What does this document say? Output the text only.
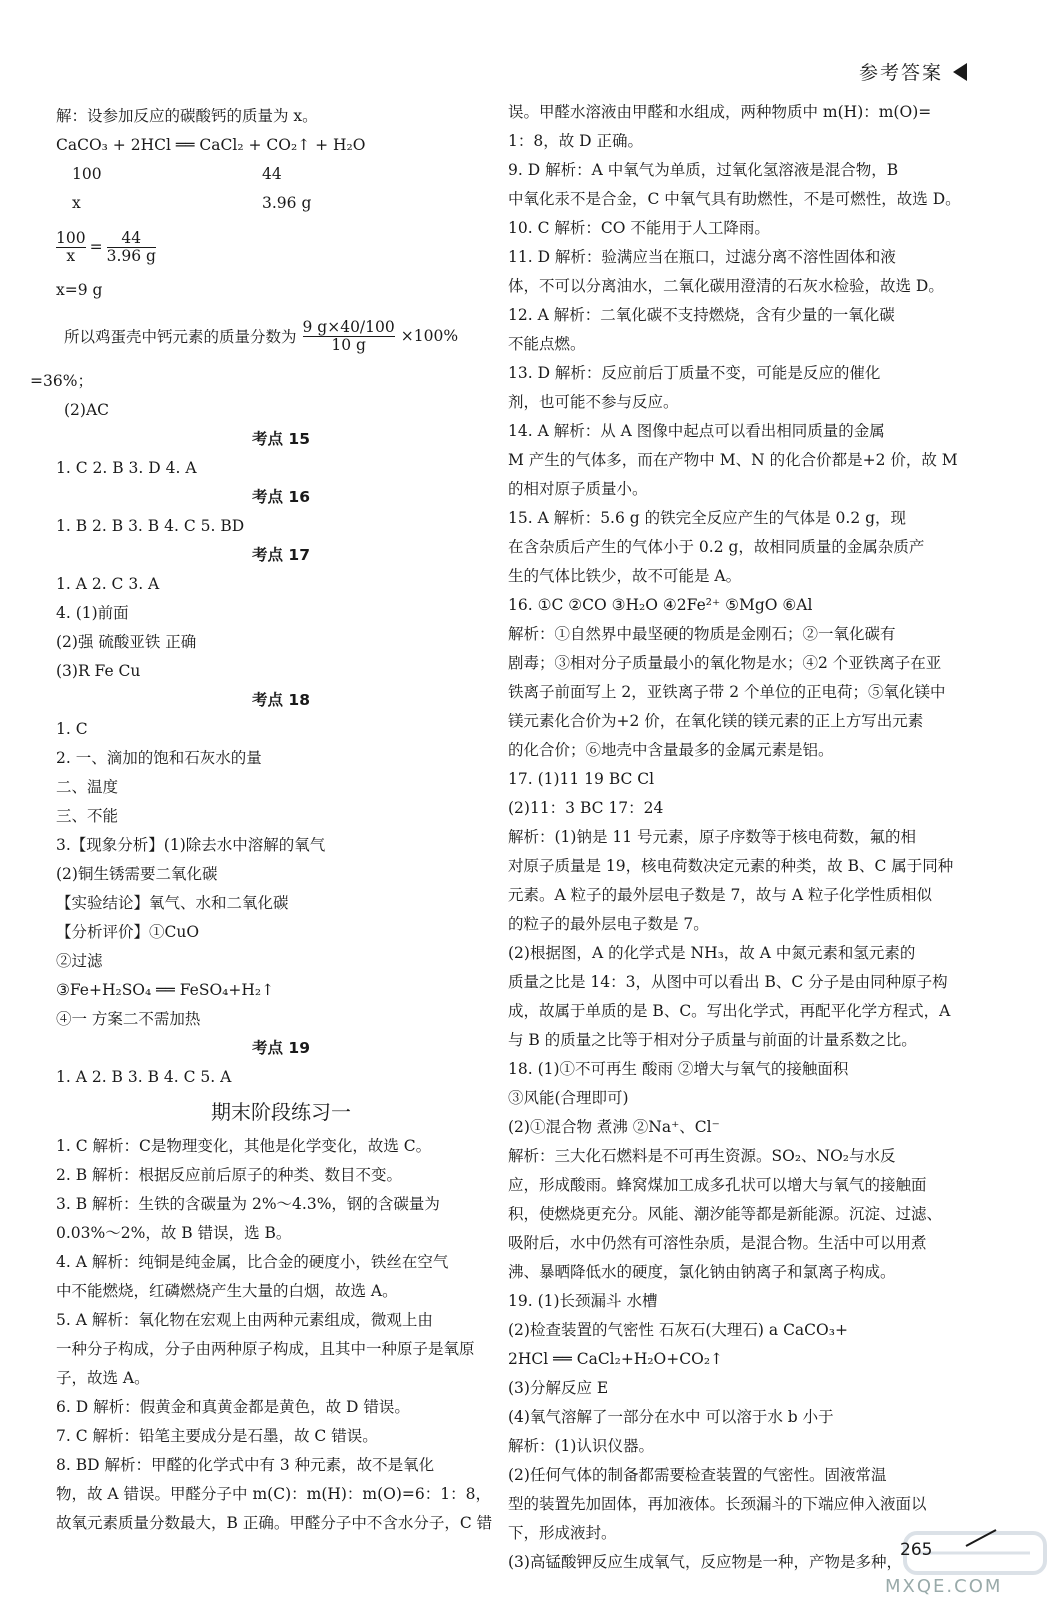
参考答案
解：设参加反应的碳酸钙的质量为 x。
CaCO₃ + 2HCl ══ CaCl₂ + CO₂↑ + H₂O
100	44
x	3.96 g
$\frac{100}{x} = \frac{44}{3.96 g}$
x=9 g
所以鸡蛋壳中钙元素的质量分数为 $\frac{9 g\times 40/100}{10 g} \times 100\%$
=36%；
(2)AC
考点 15
1. C 2. B 3. D 4. A
考点 16
1. B 2. B 3. B 4. C 5. BD
考点 17
1. A 2. C 3. A
4. (1)前面
(2)强 硫酸亚铁 正确
(3)R Fe Cu
考点 18
1. C
2. 一、滴加的饱和石灰水的量
二、温度
三、不能
3.【现象分析】(1)除去水中溶解的氧气
(2)铜生锈需要二氧化碳
【实验结论】氧气、水和二氧化碳
【分析评价】①CuO
②过滤
③Fe+H₂SO₄ ══ FeSO₄+H₂↑
④一 方案二不需加热
考点 19
1. A 2. B 3. B 4. C 5. A
期末阶段练习一
1. C 解析：C是物理变化，其他是化学变化，故选 C。
2. B 解析：根据反应前后原子的种类、数目不变。
3. B 解析：生铁的含碳量为 2%～4.3%，钢的含碳量为
0.03%～2%，故 B 错误，选 B。
4. A 解析：纯铜是纯金属，比合金的硬度小，铁丝在空气
中不能燃烧，红磷燃烧产生大量的白烟，故选 A。
5. A 解析：氧化物在宏观上由两种元素组成，微观上由
一种分子构成，分子由两种原子构成，且其中一种原子是氧原
子，故选 A。
6. D 解析：假黄金和真黄金都是黄色，故 D 错误。
7. C 解析：铅笔主要成分是石墨，故 C 错误。
8. BD 解析：甲醛的化学式中有 3 种元素，故不是氧化
物，故 A 错误。甲醛分子中 m(C)：m(H)：m(O)=6：1：8，
故氧元素质量分数最大，B 正确。甲醛分子中不含水分子，C 错
误。甲醛水溶液由甲醛和水组成，两种物质中 m(H)：m(O)=
1：8，故 D 正确。
9. D 解析：A 中氧气为单质，过氧化氢溶液是混合物，B
中氧化汞不是合金，C 中氧气具有助燃性，不是可燃性，故选 D。
10. C 解析：CO 不能用于人工降雨。
11. D 解析：验满应当在瓶口，过滤分离不溶性固体和液
体，不可以分离油水，二氧化碳用澄清的石灰水检验，故选 D。
12. A 解析：二氧化碳不支持燃烧，含有少量的一氧化碳
不能点燃。
13. D 解析：反应前后丁质量不变，可能是反应的催化
剂，也可能不参与反应。
14. A 解析：从 A 图像中起点可以看出相同质量的金属
M 产生的气体多，而在产物中 M、N 的化合价都是+2 价，故 M
的相对原子质量小。
15. A 解析：5.6 g 的铁完全反应产生的气体是 0.2 g，现
在含杂质后产生的气体小于 0.2 g，故相同质量的金属杂质产
生的气体比铁少，故不可能是 A。
16. ①C ②CO ③H₂O ④2Fe²⁺ ⑤MgO ⑥Al
解析：①自然界中最坚硬的物质是金刚石；②一氧化碳有
剧毒；③相对分子质量最小的氧化物是水；④2 个亚铁离子在亚
铁离子前面写上 2，亚铁离子带 2 个单位的正电荷；⑤氧化镁中
镁元素化合价为+2 价，在氧化镁的镁元素的正上方写出元素
的化合价；⑥地壳中含量最多的金属元素是铝。
17. (1)11 19 BC Cl
(2)11：3 BC 17：24
解析：(1)钠是 11 号元素，原子序数等于核电荷数，氟的相
对原子质量是 19，核电荷数决定元素的种类，故 B、C 属于同种
元素。A 粒子的最外层电子数是 7，故与 A 粒子化学性质相似
的粒子的最外层电子数是 7。
(2)根据图，A 的化学式是 NH₃，故 A 中氮元素和氢元素的
质量之比是 14：3，从图中可以看出 B、C 分子是由同种原子构
成，故属于单质的是 B、C。写出化学式，再配平化学方程式，A
与 B 的质量之比等于相对分子质量与前面的计量系数之比。
18. (1)①不可再生 酸雨 ②增大与氧气的接触面积
③风能(合理即可)
(2)①混合物 煮沸 ②Na⁺、Cl⁻
解析：三大化石燃料是不可再生资源。SO₂、NO₂与水反
应，形成酸雨。蜂窝煤加工成多孔状可以增大与氧气的接触面
积，使燃烧更充分。风能、潮汐能等都是新能源。沉淀、过滤、
吸附后，水中仍然有可溶性杂质，是混合物。生活中可以用煮
沸、暴晒降低水的硬度，氯化钠由钠离子和氯离子构成。
19. (1)长颈漏斗 水槽
(2)检查装置的气密性 石灰石(大理石) a CaCO₃+
2HCl ══ CaCl₂+H₂O+CO₂↑
(3)分解反应 E
(4)氧气溶解了一部分在水中 可以溶于水 b 小于
解析：(1)认识仪器。
(2)任何气体的制备都需要检查装置的气密性。固液常温
型的装置先加固体，再加液体。长颈漏斗的下端应伸入液面以
下，形成液封。
(3)高锰酸钾反应生成氧气，反应物是一种，产物是多种，
265
MXQE.COM
